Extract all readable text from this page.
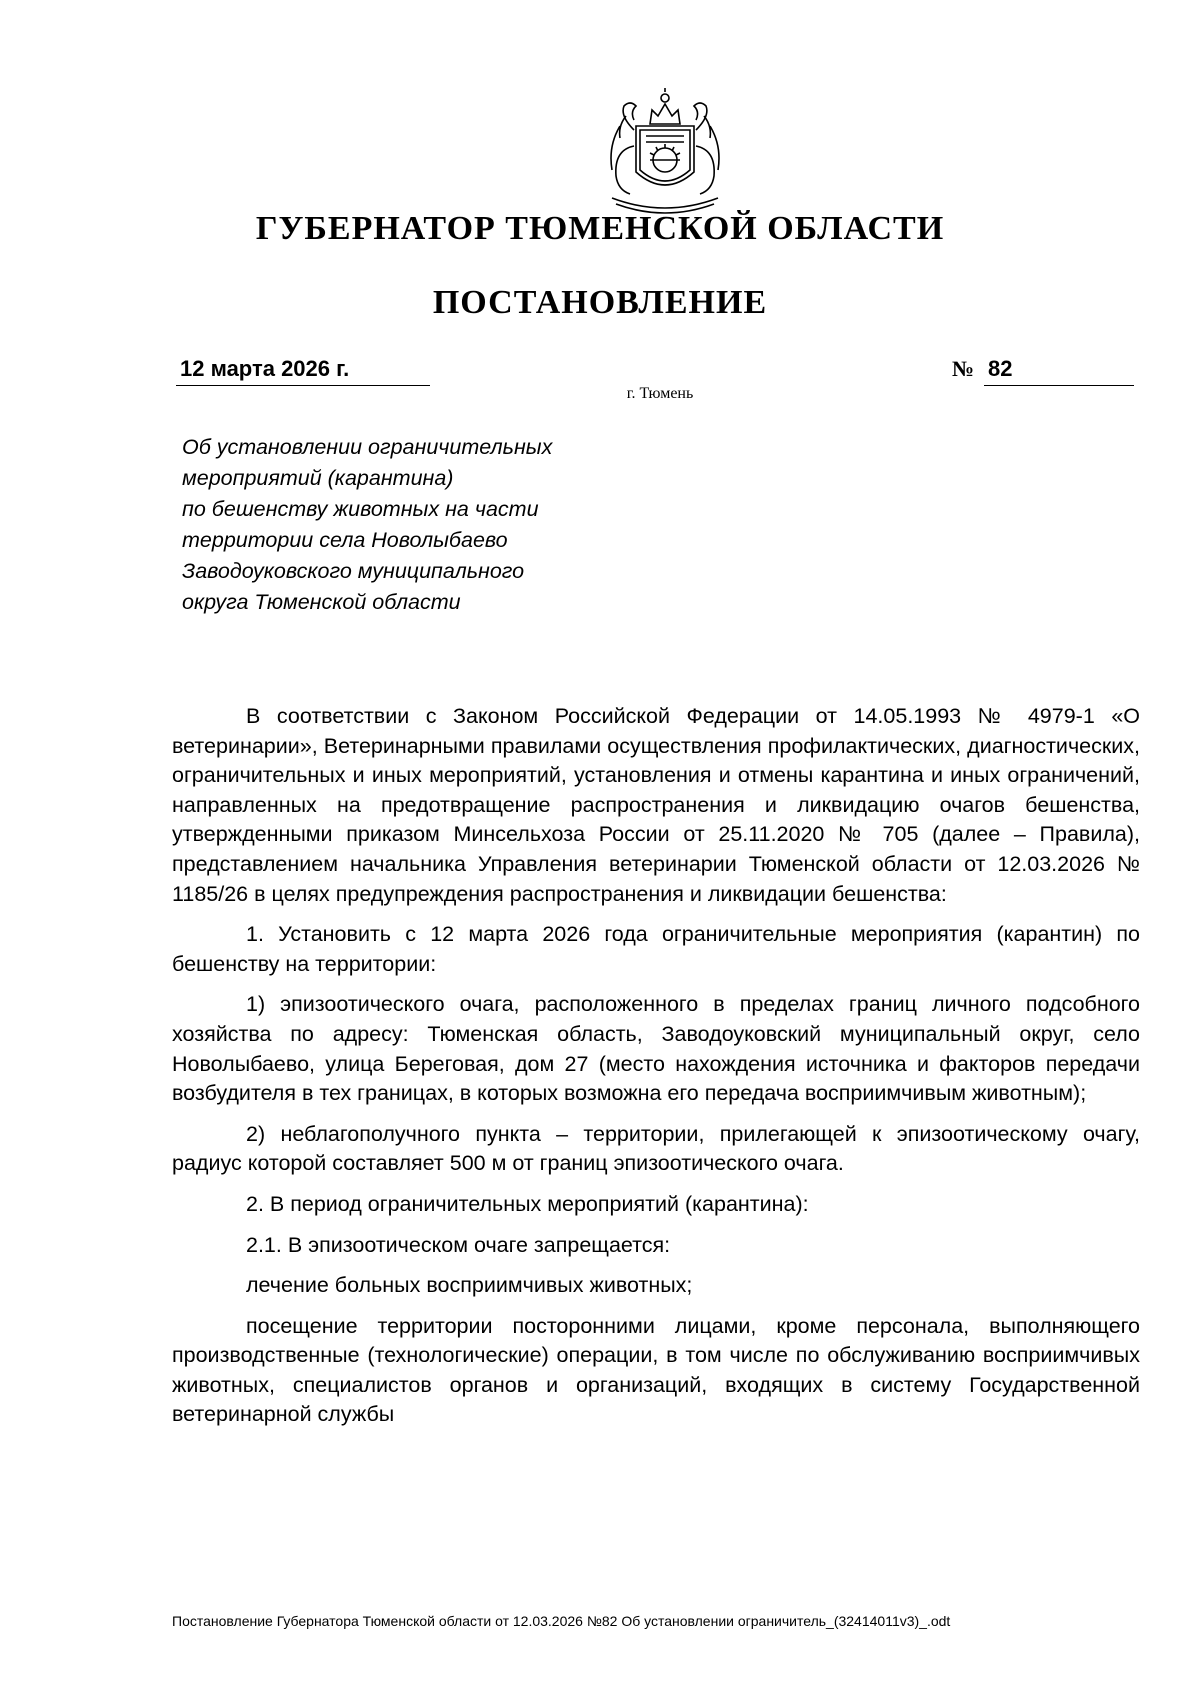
ГУБЕРНАТОР ТЮМЕНСКОЙ ОБЛАСТИ
ПОСТАНОВЛЕНИЕ
12 марта 2026 г.	№ 82
г. Тюмень
Об установлении ограничительных
мероприятий (карантина)
по бешенству животных на части
территории села Новолыбаево
Заводоуковского муниципального
округа Тюменской области

В соответствии с Законом Российской Федерации от 14.05.1993 № 4979-1 «О ветеринарии», Ветеринарными правилами осуществления профилактических, диагностических, ограничительных и иных мероприятий, установления и отмены карантина и иных ограничений, направленных на предотвращение распространения и ликвидацию очагов бешенства, утвержденными приказом Минсельхоза России от 25.11.2020 № 705 (далее – Правила), представлением начальника Управления ветеринарии Тюменской области от 12.03.2026 № 1185/26 в целях предупреждения распространения и ликвидации бешенства:

1. Установить с 12 марта 2026 года ограничительные мероприятия (карантин) по бешенству на территории:

1) эпизоотического очага, расположенного в пределах границ личного подсобного хозяйства по адресу: Тюменская область, Заводоуковский муниципальный округ, село Новолыбаево, улица Береговая, дом 27 (место нахождения источника и факторов передачи возбудителя в тех границах, в которых возможна его передача восприимчивым животным);

2) неблагополучного пункта – территории, прилегающей к эпизоотическому очагу, радиус которой составляет 500 м от границ эпизоотического очага.

2. В период ограничительных мероприятий (карантина):

2.1. В эпизоотическом очаге запрещается:

лечение больных восприимчивых животных;

посещение территории посторонними лицами, кроме персонала, выполняющего производственные (технологические) операции, в том числе по обслуживанию восприимчивых животных, специалистов органов и организаций, входящих в систему Государственной ветеринарной службы

Постановление Губернатора Тюменской области от 12.03.2026 №82 Об установлении ограничитель_(32414011v3)_.odt
